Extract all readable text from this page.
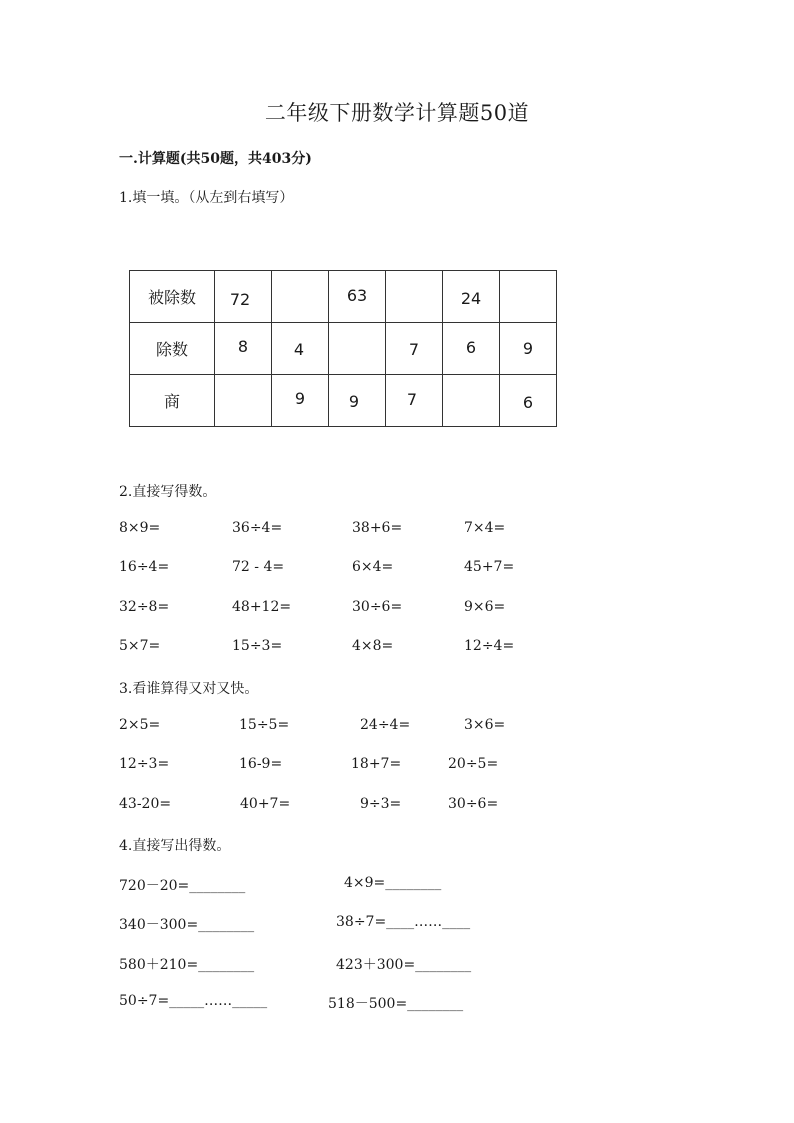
二年级下册数学计算题50道
一.计算题(共50题，共403分)
1.填一填。（从左到右填写）
被除数	72		63		24	
除数	8	4		7	6	9
商		9	9	7		6
2.直接写得数。
8×9=	36÷4=	38+6=	7×4=
16÷4=	72 - 4=	6×4=	45+7=
32÷8=	48+12=	30÷6=	9×6=
5×7=	15÷3=	4×8=	12÷4=
3.看谁算得又对又快。
2×5=	15÷5=	24÷4=	3×6=
12÷3=	16-9=	18+7=	20÷5=
43-20=	40+7=	9÷3=	30÷6=
4.直接写出得数。
720－20=________	4×9=________
340－300=________	38÷7=____……____
580＋210=________	423＋300=________
50÷7=_____……_____	518－500=________
